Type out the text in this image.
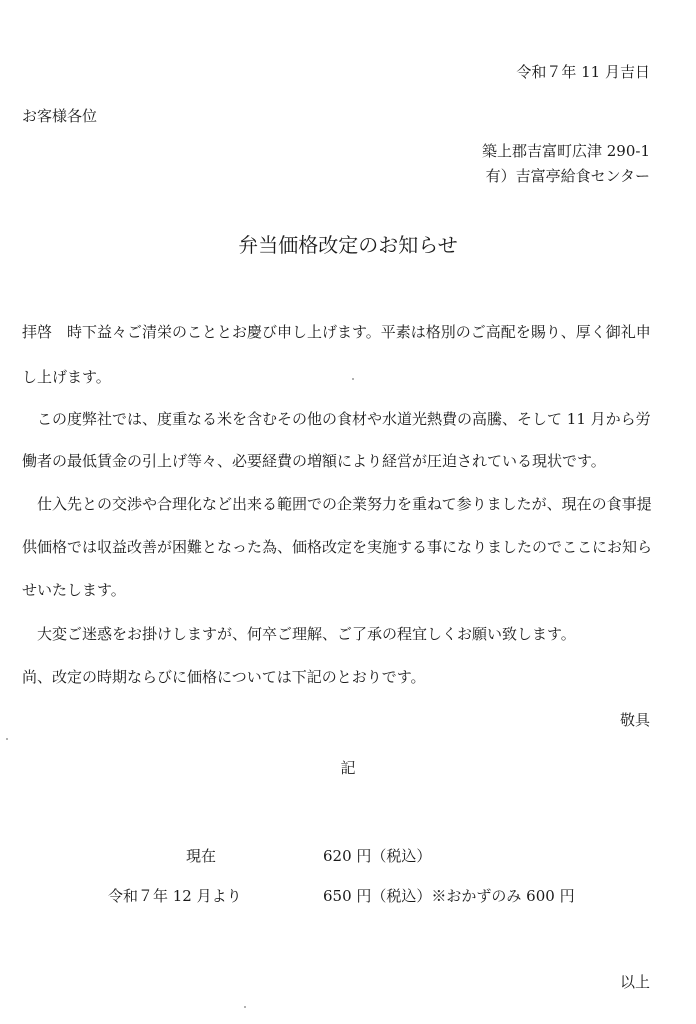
令和７年 11 月吉日
お客様各位
築上郡吉富町広津 290-1
有）吉富亭給食センター
弁当価格改定のお知らせ
拝啓　時下益々ご清栄のこととお慶び申し上げます。平素は格別のご高配を賜り、厚く御礼申
し上げます。
この度弊社では、度重なる米を含むその他の食材や水道光熱費の高騰、そして 11 月から労
働者の最低賃金の引上げ等々、必要経費の増額により経営が圧迫されている現状です。
仕入先との交渉や合理化など出来る範囲での企業努力を重ねて参りましたが、現在の食事提
供価格では収益改善が困難となった為、価格改定を実施する事になりましたのでここにお知ら
せいたします。
大変ご迷惑をお掛けしますが、何卒ご理解、ご了承の程宜しくお願い致します。
尚、改定の時期ならびに価格については下記のとおりです。
敬具
記
現在	620 円（税込）
令和７年 12 月より	650 円（税込）※おかずのみ 600 円
以上
